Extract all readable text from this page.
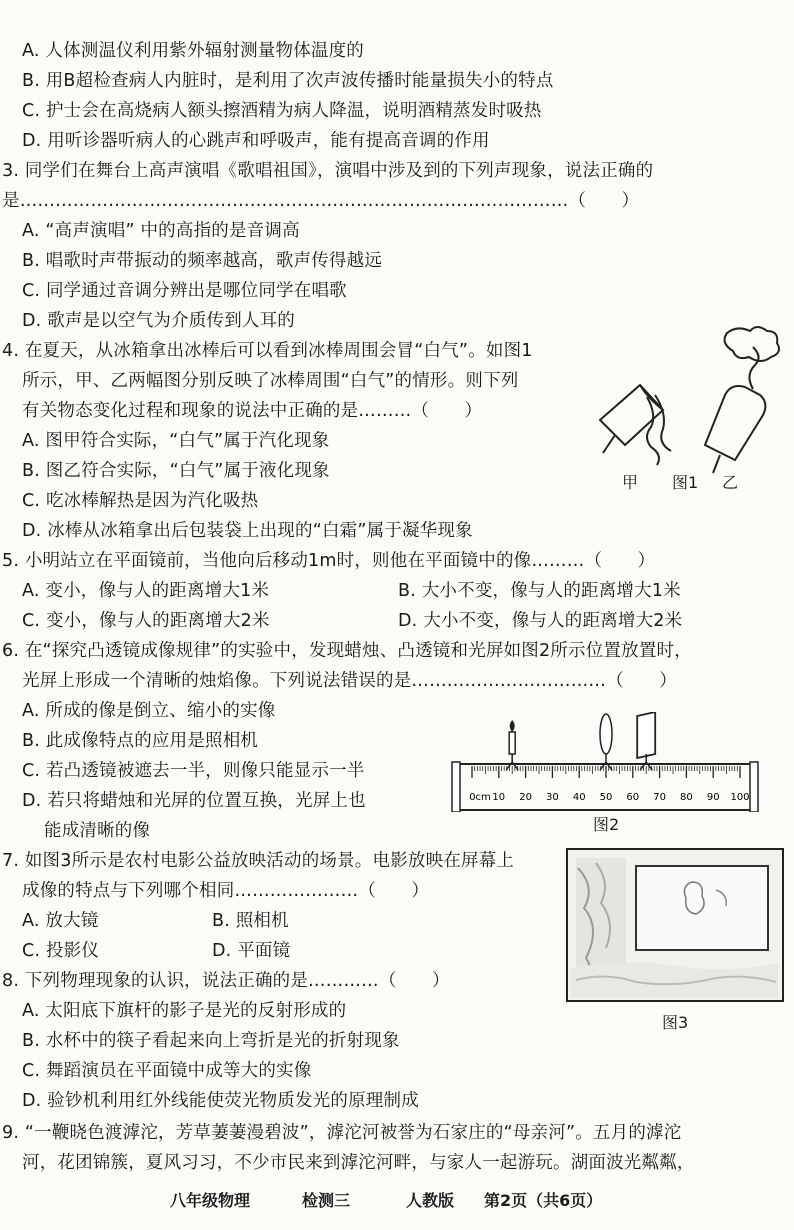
A. 人体测温仪利用紫外辐射测量物体温度的
B. 用B超检查病人内脏时，是利用了次声波传播时能量损失小的特点
C. 护士会在高烧病人额头擦酒精为病人降温，说明酒精蒸发时吸热
D. 用听诊器听病人的心跳声和呼吸声，能有提高音调的作用
3. 同学们在舞台上高声演唱《歌唱祖国》，演唱中涉及到的下列声现象，说法正确的
是…………………………………………………………………………………（　　）
A. “高声演唱” 中的高指的是音调高
B. 唱歌时声带振动的频率越高，歌声传得越远
C. 同学通过音调分辨出是哪位同学在唱歌
D. 歌声是以空气为介质传到人耳的
4. 在夏天，从冰箱拿出冰棒后可以看到冰棒周围会冒“白气”。如图1
所示，甲、乙两幅图分别反映了冰棒周围“白气”的情形。则下列
有关物态变化过程和现象的说法中正确的是………（　　）
A. 图甲符合实际，“白气”属于汽化现象
B. 图乙符合实际，“白气”属于液化现象
C. 吃冰棒解热是因为汽化吸热
D. 冰棒从冰箱拿出后包装袋上出现的“白霜”属于凝华现象
5. 小明站立在平面镜前，当他向后移动1m时，则他在平面镜中的像………（　　）
A. 变小，像与人的距离增大1米	B. 大小不变，像与人的距离增大1米
C. 变小，像与人的距离增大2米	D. 大小不变，像与人的距离增大2米
6. 在“探究凸透镜成像规律”的实验中，发现蜡烛、凸透镜和光屏如图2所示位置放置时，
光屏上形成一个清晰的烛焰像。下列说法错误的是……………………………（　　）
A. 所成的像是倒立、缩小的实像
B. 此成像特点的应用是照相机
C. 若凸透镜被遮去一半，则像只能显示一半
D. 若只将蜡烛和光屏的位置互换，光屏上也
能成清晰的像
7. 如图3所示是农村电影公益放映活动的场景。电影放映在屏幕上
成像的特点与下列哪个相同…………………（　　）
A. 放大镜	B. 照相机
C. 投影仪	D. 平面镜
8. 下列物理现象的认识，说法正确的是…………（　　）
A. 太阳底下旗杆的影子是光的反射形成的
B. 水杯中的筷子看起来向上弯折是光的折射现象
C. 舞蹈演员在平面镜中成等大的实像
D. 验钞机利用红外线能使荧光物质发光的原理制成
9. “一鞭晓色渡滹沱，芳草萋萋漫碧波”，滹沱河被誉为石家庄的“母亲河”。五月的滹沱
河，花团锦簇，夏风习习，不少市民来到滹沱河畔，与家人一起游玩。湖面波光粼粼，
甲 图1 乙
0cm 10 20 30 40 50 60 70 80 90 100
图2
图3
八年级物理	检测三	人教版 第2页（共6页）
